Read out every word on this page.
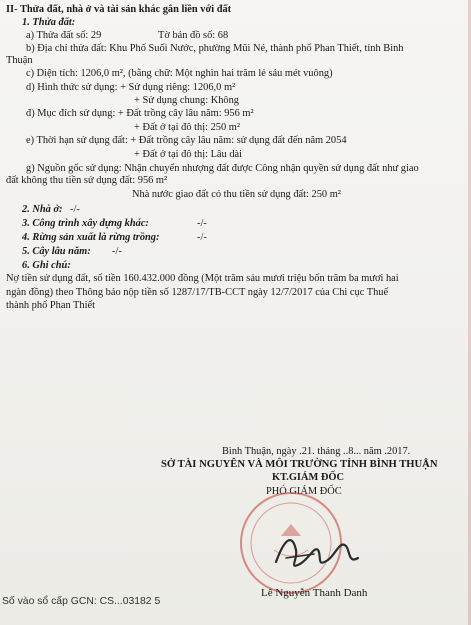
II- Thửa đất, nhà ở và tài sản khác gắn liền với đất
1. Thửa đất:
a) Thửa đất số: 29	Tờ bản đồ số: 68
b) Địa chỉ thửa đất: Khu Phố Suối Nước, phường Mũi Né, thành phố Phan Thiết, tỉnh Bình
Thuận
c) Diện tích: 1206,0 m², (bằng chữ: Một nghìn hai trăm lẻ sáu mét vuông)
d) Hình thức sử dụng: + Sử dụng riêng: 1206,0 m²
+ Sử dụng chung: Không
đ) Mục đích sử dụng: + Đất trồng cây lâu năm: 956 m²
+ Đất ở tại đô thị: 250 m²
e) Thời hạn sử dụng đất: + Đất trồng cây lâu năm: sử dụng đất đến năm 2054
+ Đất ở tại đô thị: Lâu dài
g) Nguồn gốc sử dụng: Nhận chuyển nhượng đất được Công nhận quyền sử dụng đất như giao
đất không thu tiền sử dụng đất: 956 m²
Nhà nước giao đất có thu tiền sử dụng đất: 250 m²
2. Nhà ở: -/-
3. Công trình xây dựng khác:	-/-
4. Rừng sản xuất là rừng trồng:	-/-
5. Cây lâu năm: -/-
6. Ghi chú:
Nợ tiền sử dụng đất, số tiền 160.432.000 đồng (Một trăm sáu mươi triệu bốn trăm ba mươi hai
ngàn đồng) theo Thông báo nộp tiền số 1287/17/TB-CCT ngày 12/7/2017 của Chi cục Thuế
thành phố Phan Thiết
Bình Thuận, ngày .21. tháng ..8... năm .2017.
SỞ TÀI NGUYÊN VÀ MÔI TRƯỜNG TỈNH BÌNH THUẬN
KT.GIÁM ĐỐC
PHÓ GIÁM ĐỐC
Lê Nguyễn Thanh Danh
Số vào sổ cấp GCN: CS...03182 5
